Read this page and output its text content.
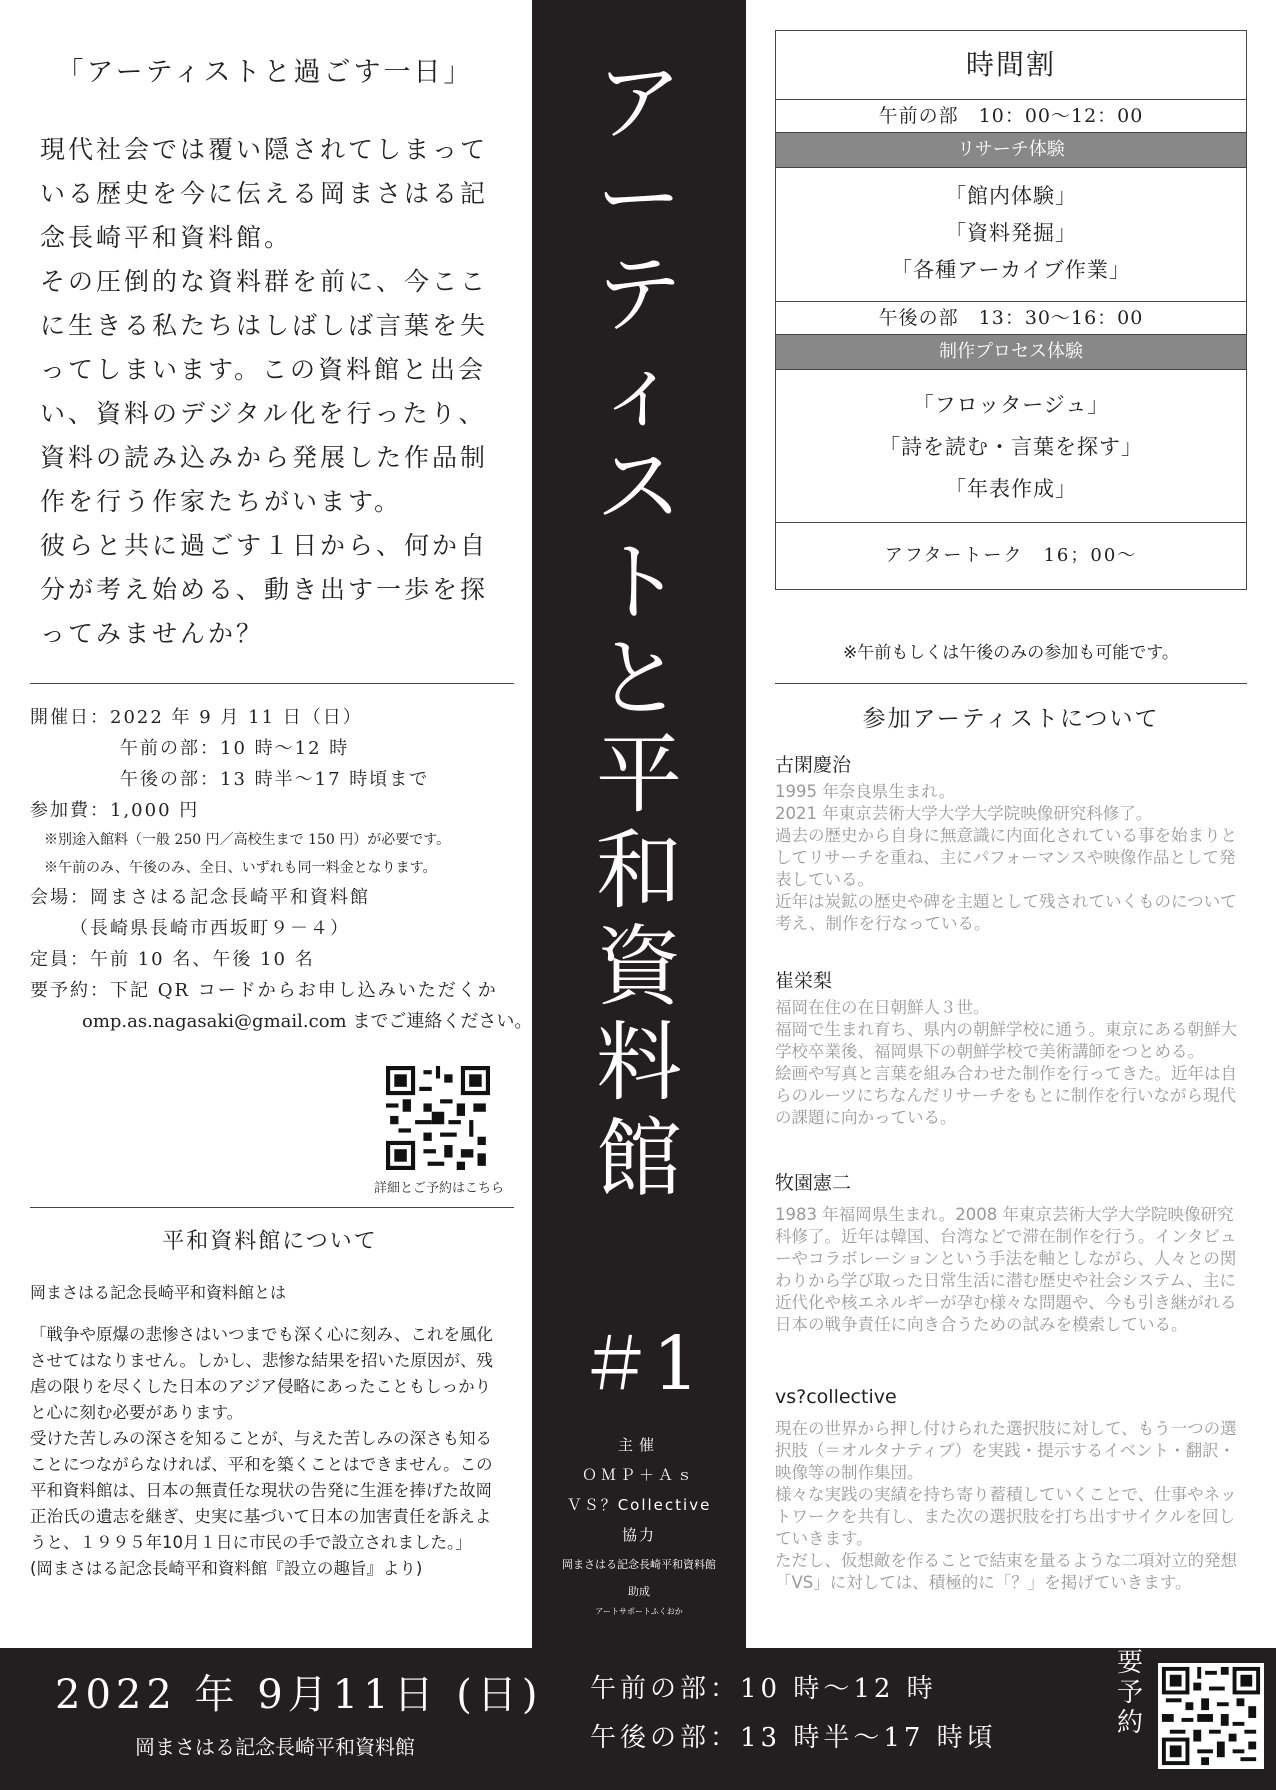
「アーティストと過ごす一日」

現代社会では覆い隠されてしまっている歴史を今に伝える岡まさはる記念長崎平和資料館。

その圧倒的な資料群を前に、今ここに生きる私たちはしばしば言葉を失ってしまいます。この資料館と出会い、資料のデジタル化を行ったり、資料の読み込みから発展した作品制作を行う作家たちがいます。

彼らと共に過ごす１日から、何か自分が考え始める、動き出す一歩を探ってみませんか？

開催日：2022 年 9 月 11 日（日）
午前の部：10 時～12 時
午後の部：13 時半～17 時頃まで
参加費：1,000 円
※別途入館料（一般 250 円／高校生まで 150 円）が必要です。
※午前のみ、午後のみ、全日、いずれも同一料金となります。
会場：岡まさはる記念長崎平和資料館
（長崎県長崎市西坂町９－４）
定員：午前 10 名、午後 10 名
要予約：下記 QR コードからお申し込みいただくか
omp.as.nagasaki@gmail.com までご連絡ください。
詳細とご予約はこちら
平和資料館について
岡まさはる記念長崎平和資料館とは

「戦争や原爆の悲惨さはいつまでも深く心に刻み、これを風化させてはなりません。しかし、悲惨な結果を招いた原因が、残虐の限りを尽くした日本のアジア侵略にあったこともしっかりと心に刻む必要があります。

受けた苦しみの深さを知ることが、与えた苦しみの深さも知ることにつながらなければ、平和を築くことはできません。この平和資料館は、日本の無責任な現状の告発に生涯を捧げた故岡正治氏の遺志を継ぎ、史実に基づいて日本の加害責任を訴えようと、１９９５年10月１日に市民の手で設立されました。」

(岡まさはる記念長崎平和資料館『設立の趣旨』より)

ア
ー
テ
ィ
ス
ト
と
平
和
資
料
館
＃1
主催
ＯＭＰ＋Ａｓ
ＶＳ？Collective
協力
岡まさはる記念長崎平和資料館
助成
アートサポートふくおか
時間割
午前の部　10：00～12：00
リサーチ体験
「館内体験」
「資料発掘」
「各種アーカイブ作業」
午後の部　13：30～16：00
制作プロセス体験
「フロッタージュ」
「詩を読む・言葉を探す」
「年表作成」
アフタートーク　16；00～
※午前もしくは午後のみの参加も可能です。
参加アーティストについて
古閑慶治
1995 年奈良県生まれ。
2021 年東京芸術大学大学大学院映像研究科修了。
過去の歴史から自身に無意識に内面化されている事を始まりとしてリサーチを重ね、主にパフォーマンスや映像作品として発表している。
近年は炭鉱の歴史や碑を主題として残されていくものについて考え、制作を行なっている。
崔栄梨
福岡在住の在日朝鮮人３世。
福岡で生まれ育ち、県内の朝鮮学校に通う。東京にある朝鮮大学校卒業後、福岡県下の朝鮮学校で美術講師をつとめる。
絵画や写真と言葉を組み合わせた制作を行ってきた。近年は自らのルーツにちなんだリサーチをもとに制作を行いながら現代の課題に向かっている。
牧園憲二
1983 年福岡県生まれ。2008 年東京芸術大学大学院映像研究科修了。近年は韓国、台湾などで滞在制作を行う。インタビューやコラボレーションという手法を軸としながら、人々との関わりから学び取った日常生活に潜む歴史や社会システム、主に近代化や核エネルギーが孕む様々な問題や、今も引き継がれる日本の戦争責任に向き合うための試みを模索している。
vs?collective
現在の世界から押し付けられた選択肢に対して、もう一つの選択肢（＝オルタナティブ）を実践・提示するイベント・翻訳・映像等の制作集団。
様々な実践の実績を持ち寄り蓄積していくことで、仕事やネットワークを共有し、また次の選択肢を打ち出すサイクルを回していきます。
ただし、仮想敵を作ることで結束を量るような二項対立的発想「VS」に対しては、積極的に「？」を掲げていきます。
2022 年 9月11日 (日)
岡まさはる記念長崎平和資料館
午前の部：10 時～12 時
午後の部：13 時半～17 時頃
要予約
